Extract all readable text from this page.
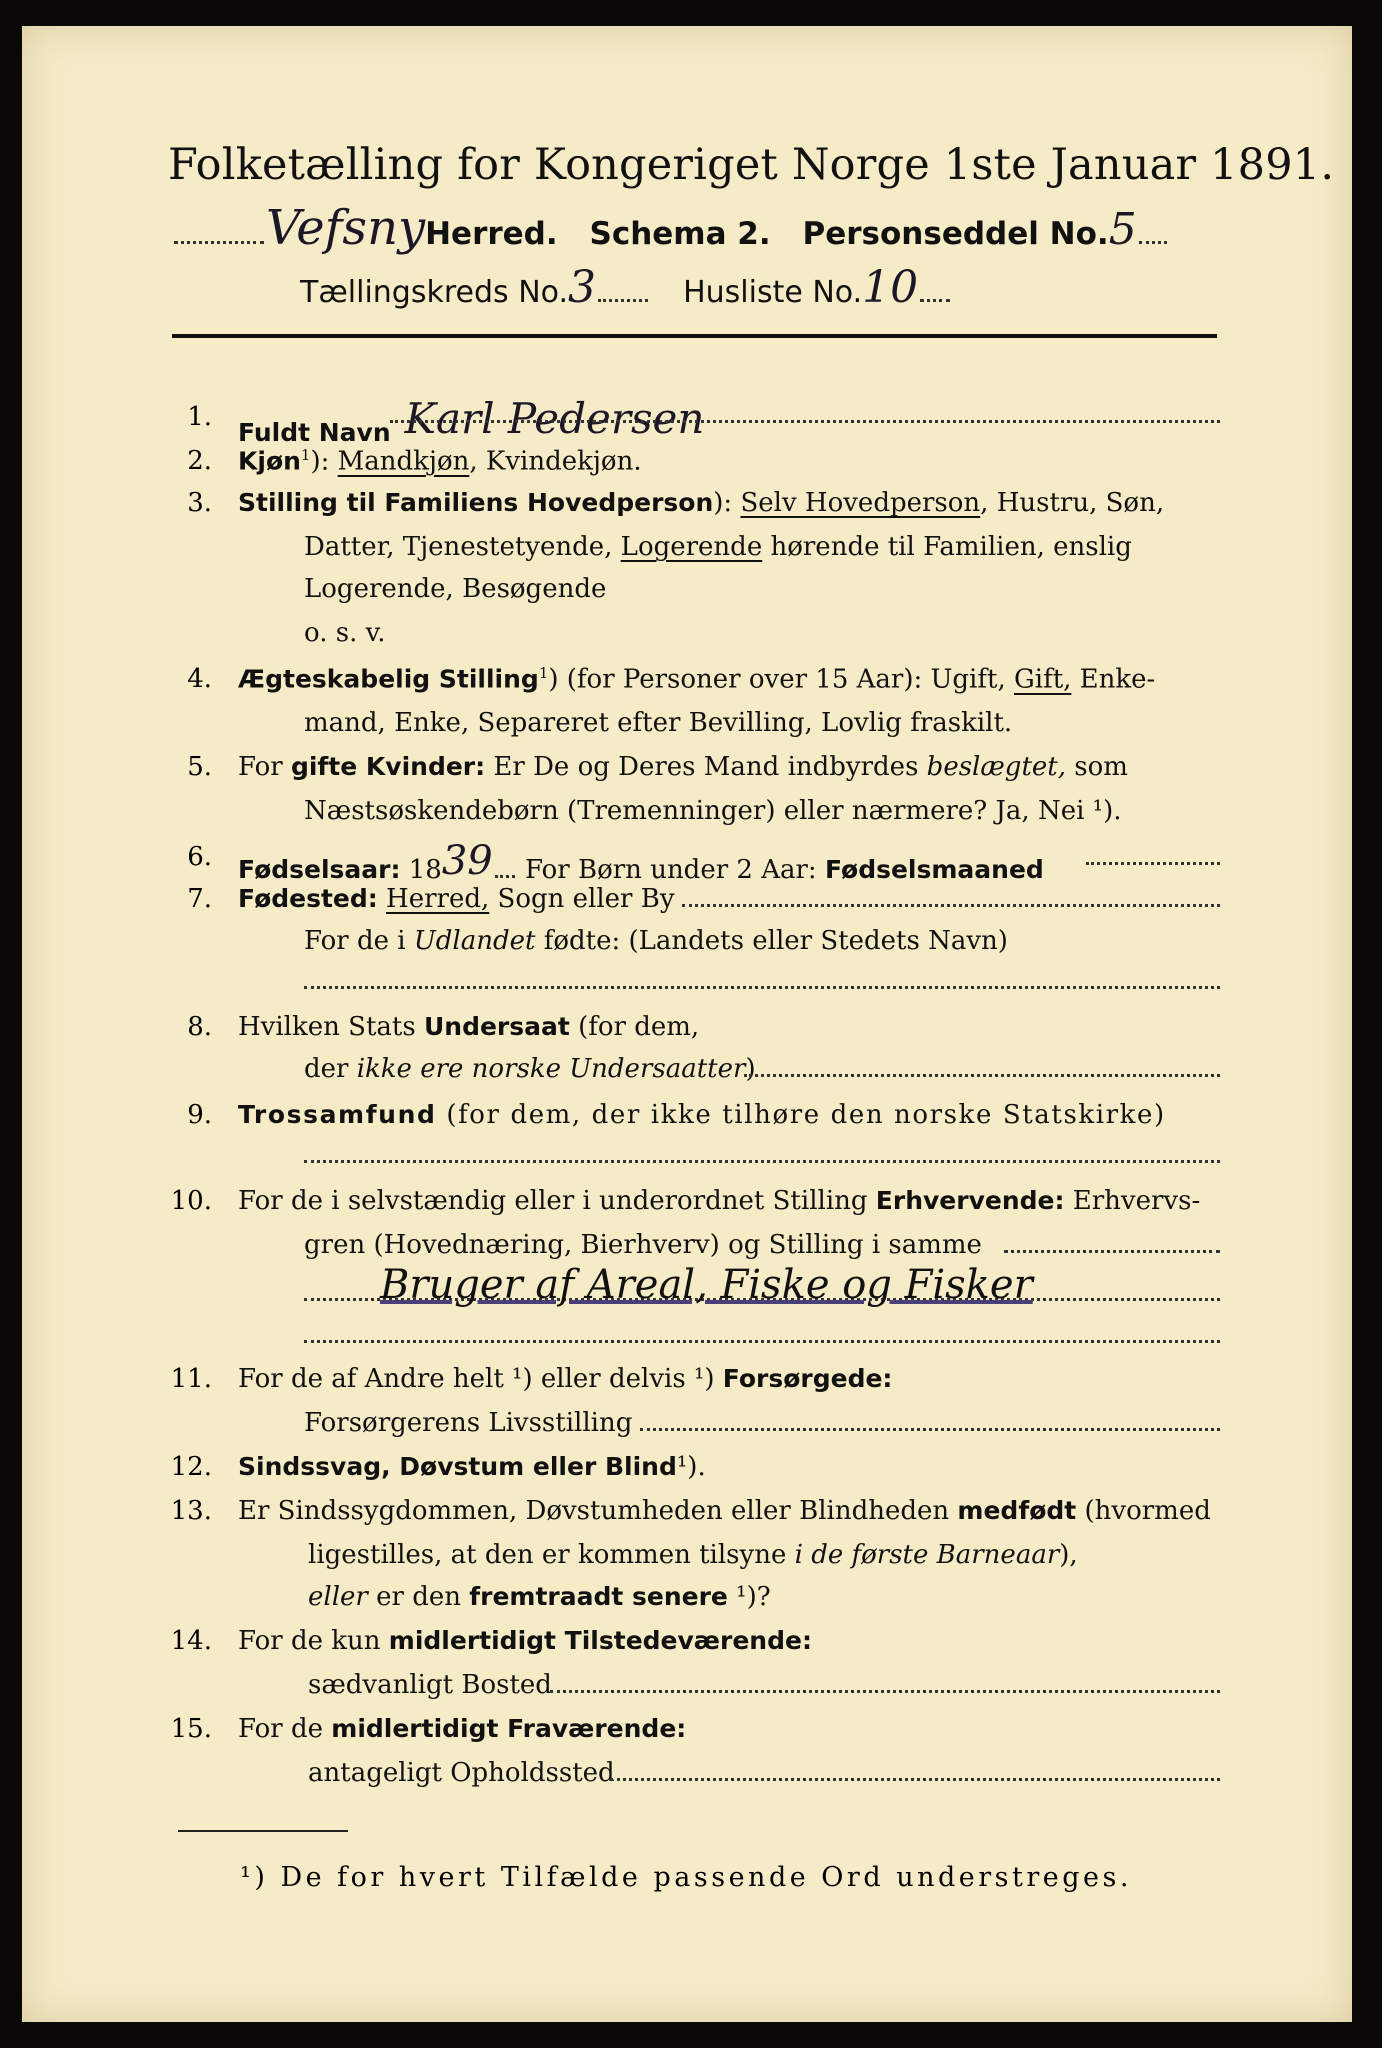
Folketælling for Kongeriget Norge 1ste Januar 1891.
VefsnyHerred. Schema 2. Personseddel No.5
Tællingskreds No.3	Husliste No.10
1.
Fuldt Navn Karl Pedersen
2. Kjøn$^1$): Mandkjøn, Kvindekjøn.
3. Stilling til Familiens Hovedperson): Selv Hovedperson, Hustru, Søn,
Datter, Tjenestetyende, Logerende hørende til Familien, enslig
Logerende, Besøgende
o. s. v.
4. Ægteskabelig Stilling$^1$) (for Personer over 15 Aar): Ugift, Gift, Enke-
mand, Enke, Separeret efter Bevilling, Lovlig fraskilt.
5. For gifte Kvinder: Er De og Deres Mand indbyrdes beslægtet, som
Næstsøskendebørn (Tremenninger) eller nærmere? Ja, Nei ¹).
6. Fødselsaar: 1839 For Børn under 2 Aar: Fødselsmaaned
7. Fødested: Herred, Sogn eller By
For de i Udlandet fødte: (Landets eller Stedets Navn)
8. Hvilken Stats Undersaat (for dem,
der ikke ere norske Undersaatter)
9. Trossamfund (for dem, der ikke tilhøre den norske Statskirke)
10. For de i selvstændig eller i underordnet Stilling Erhvervende: Erhvervs-
gren (Hovednæring, Bierhverv) og Stilling i samme
Bruger af Areal, Fiske og Fisker
11. For de af Andre helt ¹) eller delvis ¹) Forsørgede:
Forsørgerens Livsstilling
12. Sindssvag, Døvstum eller Blind¹).
13. Er Sindssygdommen, Døvstumheden eller Blindheden medfødt (hvormed
ligestilles, at den er kommen tilsyne i de første Barneaar),
eller er den fremtraadt senere ¹)?
14. For de kun midlertidigt Tilstedeværende:
sædvanligt Bosted
15. For de midlertidigt Fraværende:
antageligt Opholdssted
¹) De for hvert Tilfælde passende Ord understreges.
